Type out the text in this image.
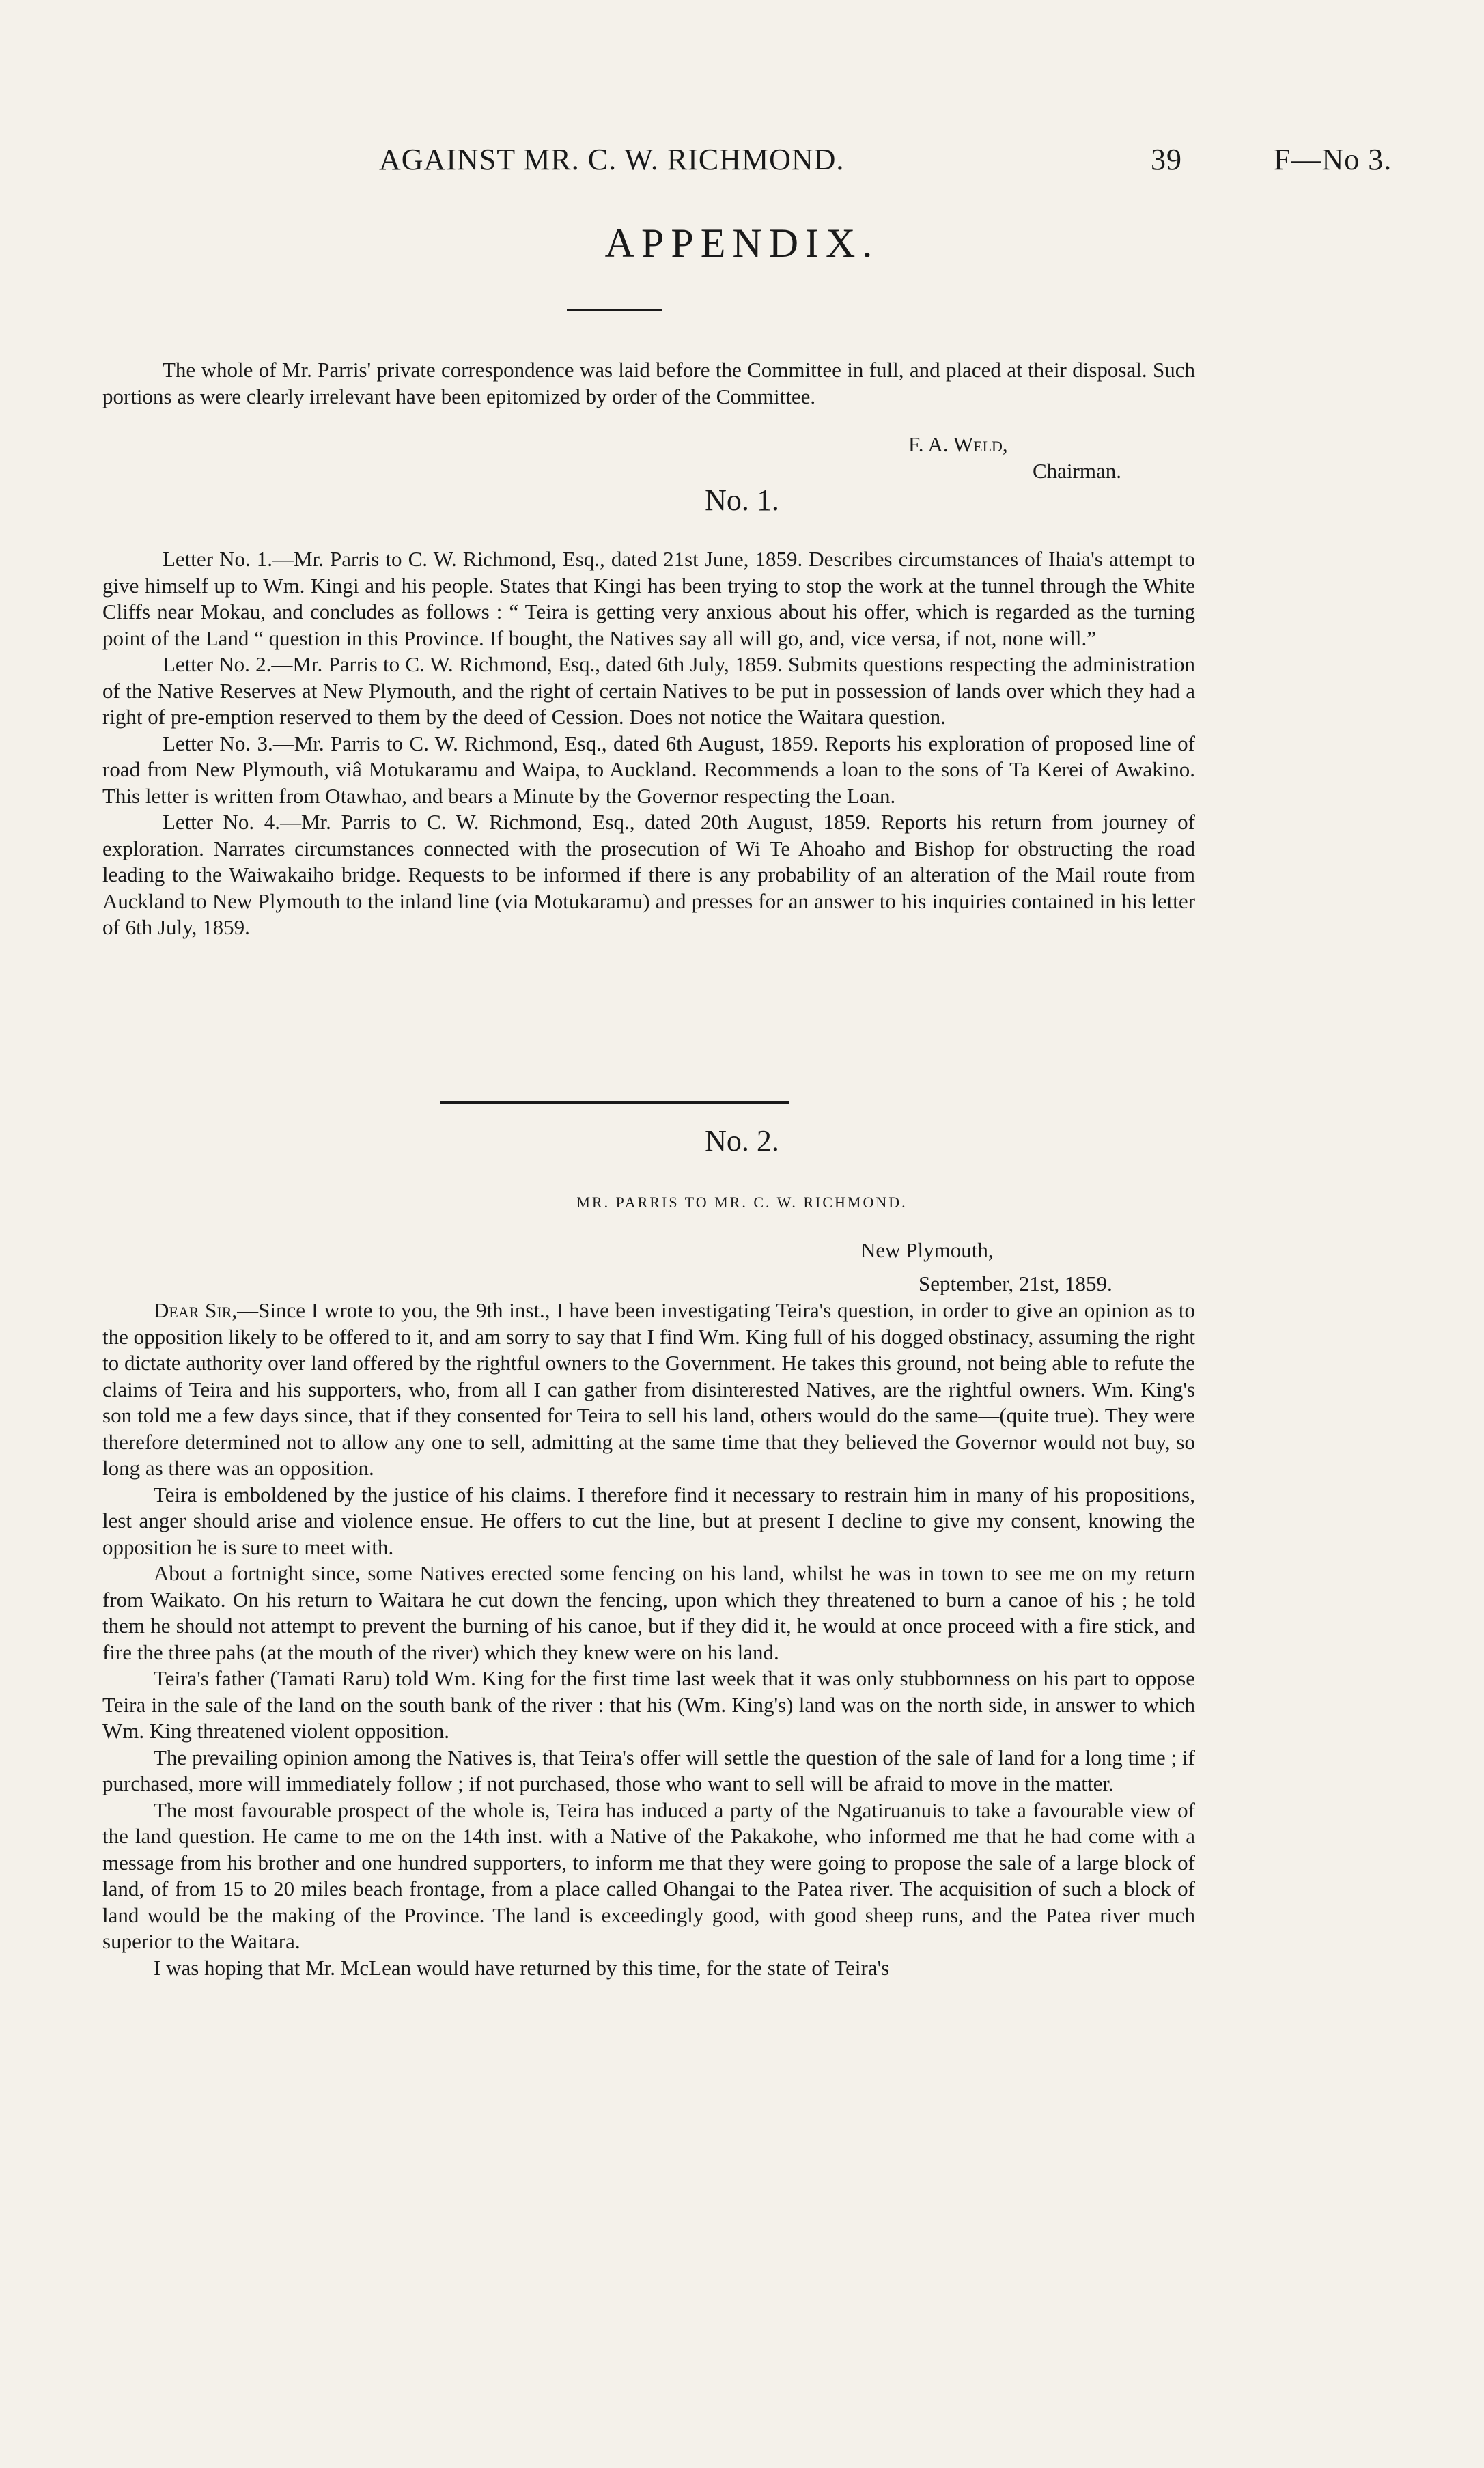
AGAINST MR. C. W. RICHMOND.	39	F—No 3.
APPENDIX.
The whole of Mr. Parris' private correspondence was laid before the Committee in full, and placed at their disposal. Such portions as were clearly irrelevant have been epitomized by order of the Committee.
F. A. Weld,
Chairman.
No. 1.

Letter No. 1.—Mr. Parris to C. W. Richmond, Esq., dated 21st June, 1859. Describes circumstances of Ihaia's attempt to give himself up to Wm. Kingi and his people. States that Kingi has been trying to stop the work at the tunnel through the White Cliffs near Mokau, and concludes as follows : “ Teira is getting very anxious about his offer, which is regarded as the turning point of the Land “ question in this Province. If bought, the Natives say all will go, and, vice versa, if not, none will.”

Letter No. 2.—Mr. Parris to C. W. Richmond, Esq., dated 6th July, 1859. Submits questions respecting the administration of the Native Reserves at New Plymouth, and the right of certain Natives to be put in possession of lands over which they had a right of pre-emption reserved to them by the deed of Cession. Does not notice the Waitara question.

Letter No. 3.—Mr. Parris to C. W. Richmond, Esq., dated 6th August, 1859. Reports his exploration of proposed line of road from New Plymouth, viâ Motukaramu and Waipa, to Auckland. Recommends a loan to the sons of Ta Kerei of Awakino. This letter is written from Otawhao, and bears a Minute by the Governor respecting the Loan.

Letter No. 4.—Mr. Parris to C. W. Richmond, Esq., dated 20th August, 1859. Reports his return from journey of exploration. Narrates circumstances connected with the prosecution of Wi Te Ahoaho and Bishop for obstructing the road leading to the Waiwakaiho bridge. Requests to be informed if there is any probability of an alteration of the Mail route from Auckland to New Plymouth to the inland line (via Motukaramu) and presses for an answer to his inquiries contained in his letter of 6th July, 1859.

No. 2.
MR. PARRIS TO MR. C. W. RICHMOND.
New Plymouth,
September, 21st, 1859.

Dear Sir,—Since I wrote to you, the 9th inst., I have been investigating Teira's question, in order to give an opinion as to the opposition likely to be offered to it, and am sorry to say that I find Wm. King full of his dogged obstinacy, assuming the right to dictate authority over land offered by the rightful owners to the Government. He takes this ground, not being able to refute the claims of Teira and his supporters, who, from all I can gather from disinterested Natives, are the rightful owners. Wm. King's son told me a few days since, that if they consented for Teira to sell his land, others would do the same—(quite true). They were therefore determined not to allow any one to sell, admitting at the same time that they believed the Governor would not buy, so long as there was an opposition.

Teira is emboldened by the justice of his claims. I therefore find it necessary to restrain him in many of his propositions, lest anger should arise and violence ensue. He offers to cut the line, but at present I decline to give my consent, knowing the opposition he is sure to meet with.

About a fortnight since, some Natives erected some fencing on his land, whilst he was in town to see me on my return from Waikato. On his return to Waitara he cut down the fencing, upon which they threatened to burn a canoe of his ; he told them he should not attempt to prevent the burning of his canoe, but if they did it, he would at once proceed with a fire stick, and fire the three pahs (at the mouth of the river) which they knew were on his land.

Teira's father (Tamati Raru) told Wm. King for the first time last week that it was only stubbornness on his part to oppose Teira in the sale of the land on the south bank of the river : that his (Wm. King's) land was on the north side, in answer to which Wm. King threatened violent opposition.

The prevailing opinion among the Natives is, that Teira's offer will settle the question of the sale of land for a long time ; if purchased, more will immediately follow ; if not purchased, those who want to sell will be afraid to move in the matter.

The most favourable prospect of the whole is, Teira has induced a party of the Ngatiruanuis to take a favourable view of the land question. He came to me on the 14th inst. with a Native of the Pakakohe, who informed me that he had come with a message from his brother and one hundred supporters, to inform me that they were going to propose the sale of a large block of land, of from 15 to 20 miles beach frontage, from a place called Ohangai to the Patea river. The acquisition of such a block of land would be the making of the Province. The land is exceedingly good, with good sheep runs, and the Patea river much superior to the Waitara.

I was hoping that Mr. McLean would have returned by this time, for the state of Teira's
